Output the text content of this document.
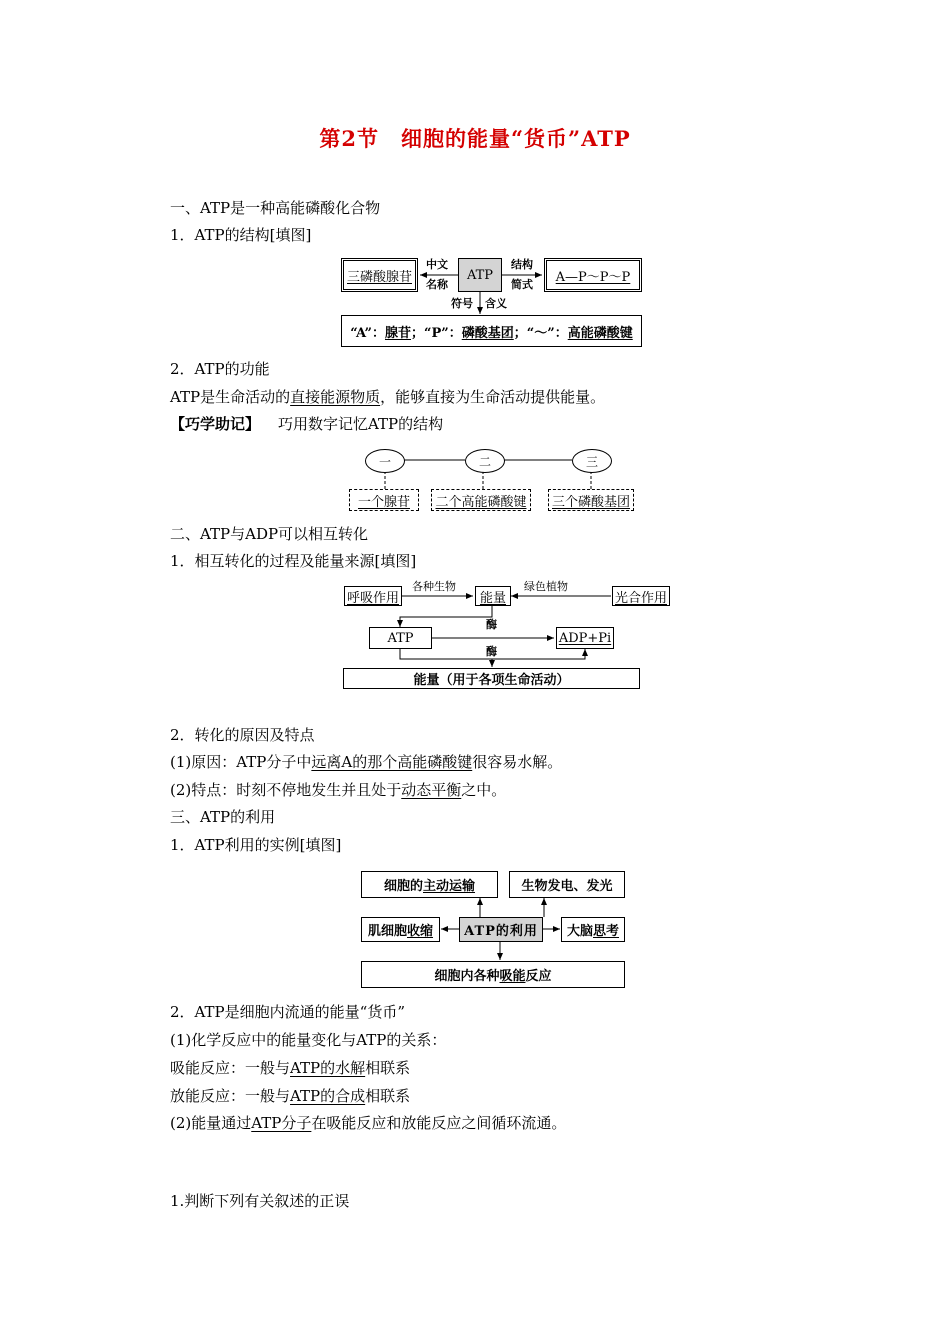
第2节　细胞的能量“货币”ATP
一、ATP是一种高能磷酸化合物
1．ATP的结构[填图]
三磷酸腺苷
中文
名称
ATP
结构
简式 A—P～P～P
符号 含义
“A”： 腺苷 ；“P”： 磷酸基团 ；“～”： 高能磷酸键
2．ATP的功能
ATP是生命活动的直接能源物质，能够直接为生命活动提供能量。
【巧学助记】 巧用数字记忆ATP的结构
一	二	三
一个腺苷 二个高能磷酸键 三个磷酸基团
二、ATP与ADP可以相互转化
1．相互转化的过程及能量来源[填图]
呼吸作用
各种生物
能量
绿色植物
光合作用
酶
ATP	ADP+Pi
酶
能量（用于各项生命活动）
2．转化的原因及特点
(1)原因：ATP分子中远离A的那个高能磷酸键很容易水解。
(2)特点：时刻不停地发生并且处于动态平衡之中。
三、ATP的利用
1．ATP利用的实例[填图]
细胞的 主动运输	生物发电、发光
肌细胞 收缩	ATP的利用	大脑 思考
细胞内各种 吸能 反应
2．ATP是细胞内流通的能量“货币”
(1)化学反应中的能量变化与ATP的关系：
吸能反应：一般与ATP的水解相联系
放能反应：一般与ATP的合成相联系
(2)能量通过ATP分子在吸能反应和放能反应之间循环流通。
1.判断下列有关叙述的正误
